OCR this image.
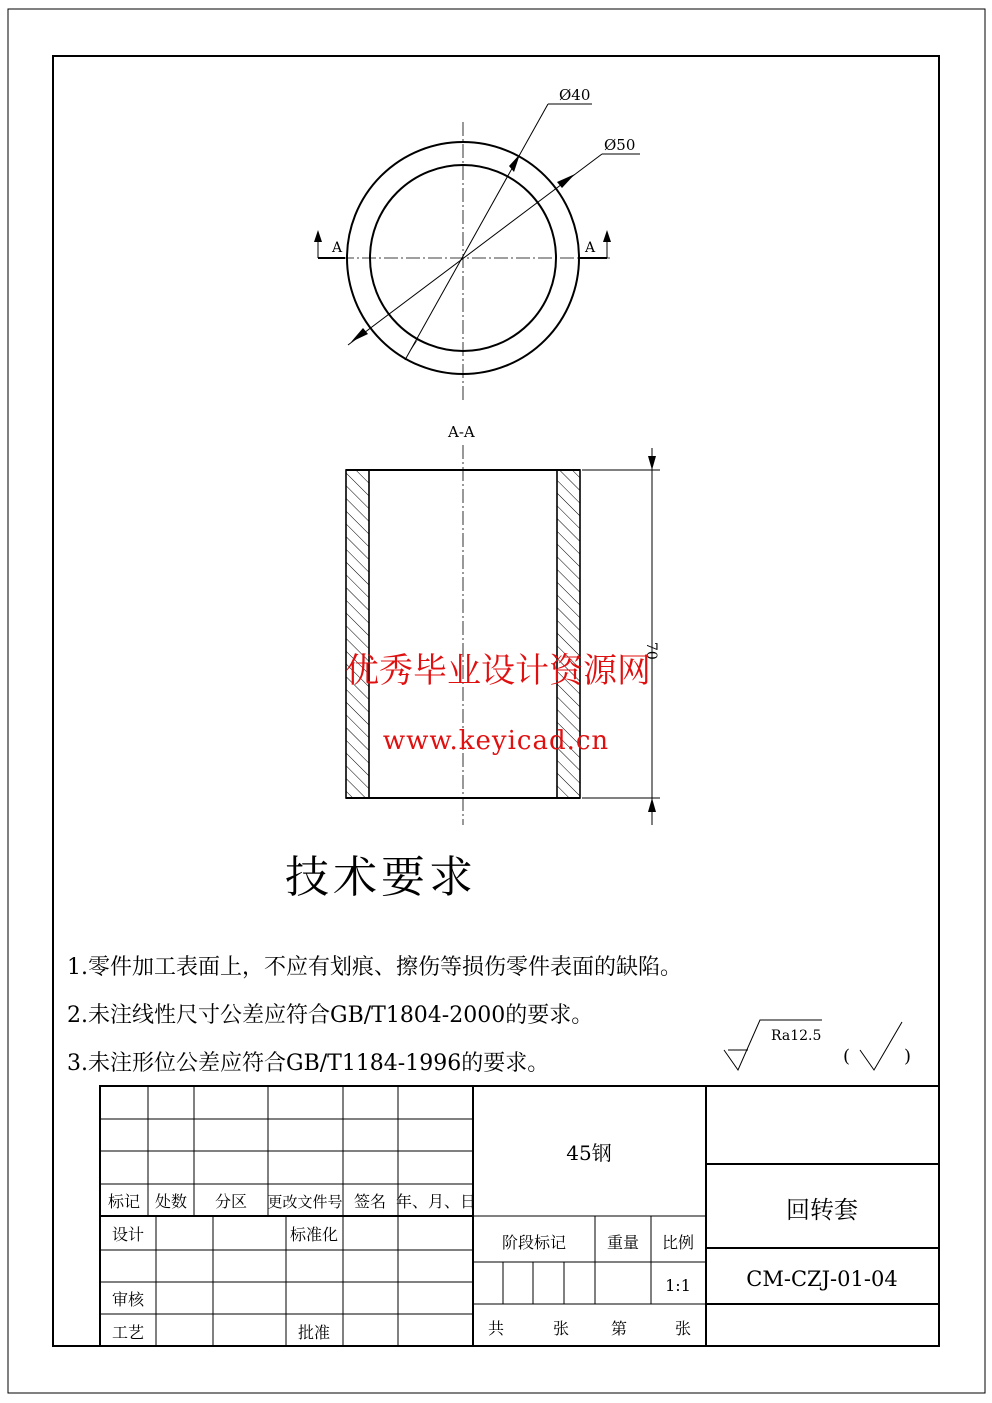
Ø40
Ø50
A	A
A-A
70
优秀毕业设计资源网
www.keyicad.cn
技术要求
1.零件加工表面上，不应有划痕、擦伤等损伤零件表面的缺陷。
2.未注线性尺寸公差应符合GB/T1804-2000的要求。
3.未注形位公差应符合GB/T1184-1996的要求。
Ra12.5
(	)
标记 处数 分区 更改文件号 签名 年、月、日
设计	标准化
审核
工艺	批准
45钢
阶段标记	重量 比例
1:1
共	张	第	张
回转套
CM-CZJ-01-04
